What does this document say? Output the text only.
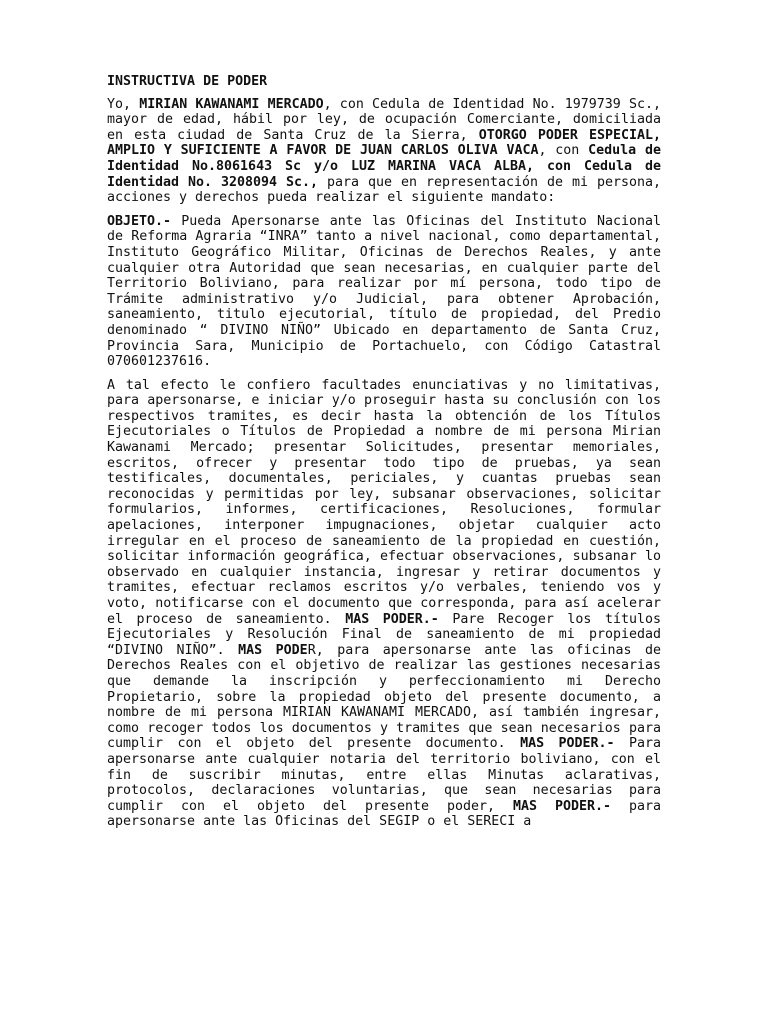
INSTRUCTIVA DE PODER

Yo, MIRIAN KAWANAMI MERCADO, con Cedula de Identidad No. 1979739 Sc., mayor de edad, hábil por ley, de ocupación Comerciante, domiciliada en esta ciudad de Santa Cruz de la Sierra, OTORGO PODER ESPECIAL, AMPLIO Y SUFICIENTE A FAVOR DE JUAN CARLOS OLIVA VACA, con Cedula de Identidad No.8061643 Sc y/o LUZ MARINA VACA ALBA, con Cedula de Identidad No. 3208094 Sc., para que en representación de mi persona, acciones y derechos pueda realizar el siguiente mandato:

OBJETO.- Pueda Apersonarse ante las Oficinas del Instituto Nacional de Reforma Agraria “INRA” tanto a nivel nacional, como departamental, Instituto Geográfico Militar, Oficinas de Derechos Reales, y ante cualquier otra Autoridad que sean necesarias, en cualquier parte del Territorio Boliviano, para realizar por mí persona, todo tipo de Trámite administrativo y/o Judicial, para obtener Aprobación, saneamiento, titulo ejecutorial, título de propiedad, del Predio denominado “ DIVINO NIÑO” Ubicado en departamento de Santa Cruz, Provincia Sara, Municipio de Portachuelo, con Código Catastral 070601237616.

A tal efecto le confiero facultades enunciativas y no limitativas, para apersonarse, e iniciar y/o proseguir hasta su conclusión con los respectivos tramites, es decir hasta la obtención de los Títulos Ejecutoriales o Títulos de Propiedad a nombre de mi persona Mirian Kawanami Mercado; presentar Solicitudes, presentar memoriales, escritos, ofrecer y presentar todo tipo de pruebas, ya sean testificales, documentales, periciales, y cuantas pruebas sean reconocidas y permitidas por ley, subsanar observaciones, solicitar formularios, informes, certificaciones, Resoluciones, formular apelaciones, interponer impugnaciones, objetar cualquier acto irregular en el proceso de saneamiento de la propiedad en cuestión, solicitar información geográfica, efectuar observaciones, subsanar lo observado en cualquier instancia, ingresar y retirar documentos y tramites, efectuar reclamos escritos y/o verbales, teniendo vos y voto, notificarse con el documento que corresponda, para así acelerar el proceso de saneamiento. MAS PODER.- Pare Recoger los títulos Ejecutoriales y Resolución Final de saneamiento de mi propiedad “DIVINO NIÑO”. MAS PODER, para apersonarse ante las oficinas de Derechos Reales con el objetivo de realizar las gestiones necesarias que demande la inscripción y perfeccionamiento mi Derecho Propietario, sobre la propiedad objeto del presente documento, a nombre de mi persona MIRIAN KAWANAMI MERCADO, así también ingresar, como recoger todos los documentos y tramites que sean necesarios para cumplir con el objeto del presente documento. MAS PODER.- Para apersonarse ante cualquier notaria del territorio boliviano, con el fin de suscribir minutas, entre ellas Minutas aclarativas, protocolos, declaraciones voluntarias, que sean necesarias para cumplir con el objeto del presente poder, MAS PODER.- para apersonarse ante las Oficinas del SEGIP o el SERECI a
